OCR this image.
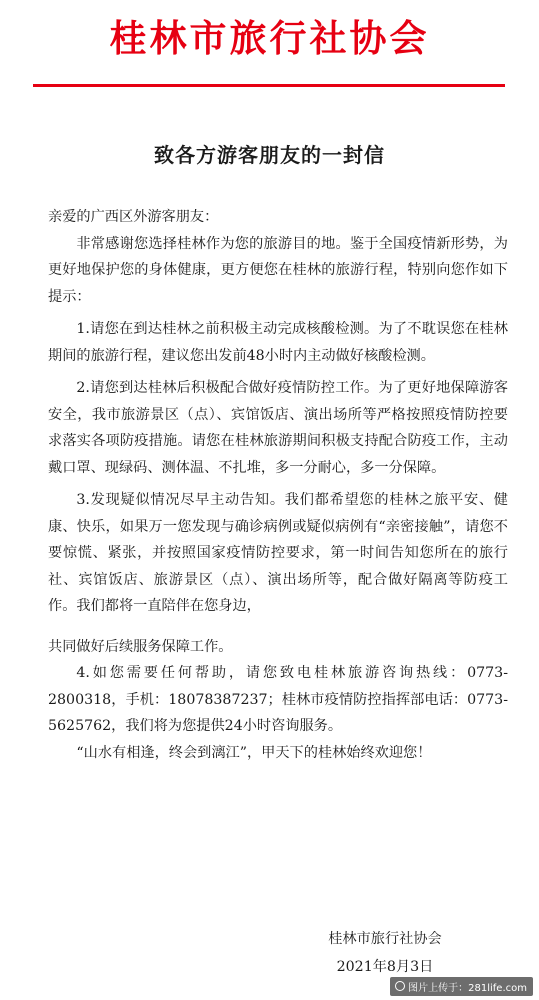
桂林市旅行社协会
致各方游客朋友的一封信

亲爱的广西区外游客朋友：

非常感谢您选择桂林作为您的旅游目的地。鉴于全国疫情新形势，为更好地保护您的身体健康，更方便您在桂林的旅游行程，特别向您作如下提示：

1.请您在到达桂林之前积极主动完成核酸检测。为了不耽误您在桂林期间的旅游行程，建议您出发前48小时内主动做好核酸检测。

2.请您到达桂林后积极配合做好疫情防控工作。为了更好地保障游客安全，我市旅游景区（点）、宾馆饭店、演出场所等严格按照疫情防控要求落实各项防疫措施。请您在桂林旅游期间积极支持配合防疫工作，主动戴口罩、现绿码、测体温、不扎堆，多一分耐心，多一分保障。

3.发现疑似情况尽早主动告知。我们都希望您的桂林之旅平安、健康、快乐，如果万一您发现与确诊病例或疑似病例有“亲密接触”，请您不要惊慌、紧张，并按照国家疫情防控要求，第一时间告知您所在的旅行社、宾馆饭店、旅游景区（点）、演出场所等，配合做好隔离等防疫工作。我们都将一直陪伴在您身边，

共同做好后续服务保障工作。

4.如您需要任何帮助，请您致电桂林旅游咨询热线：0773-2800318，手机：18078387237；桂林市疫情防控指挥部电话：0773-5625762，我们将为您提供24小时咨询服务。

“山水有相逢，终会到漓江”，甲天下的桂林始终欢迎您！

桂林市旅行社协会
2021年8月3日
图片上传于：281life.com
